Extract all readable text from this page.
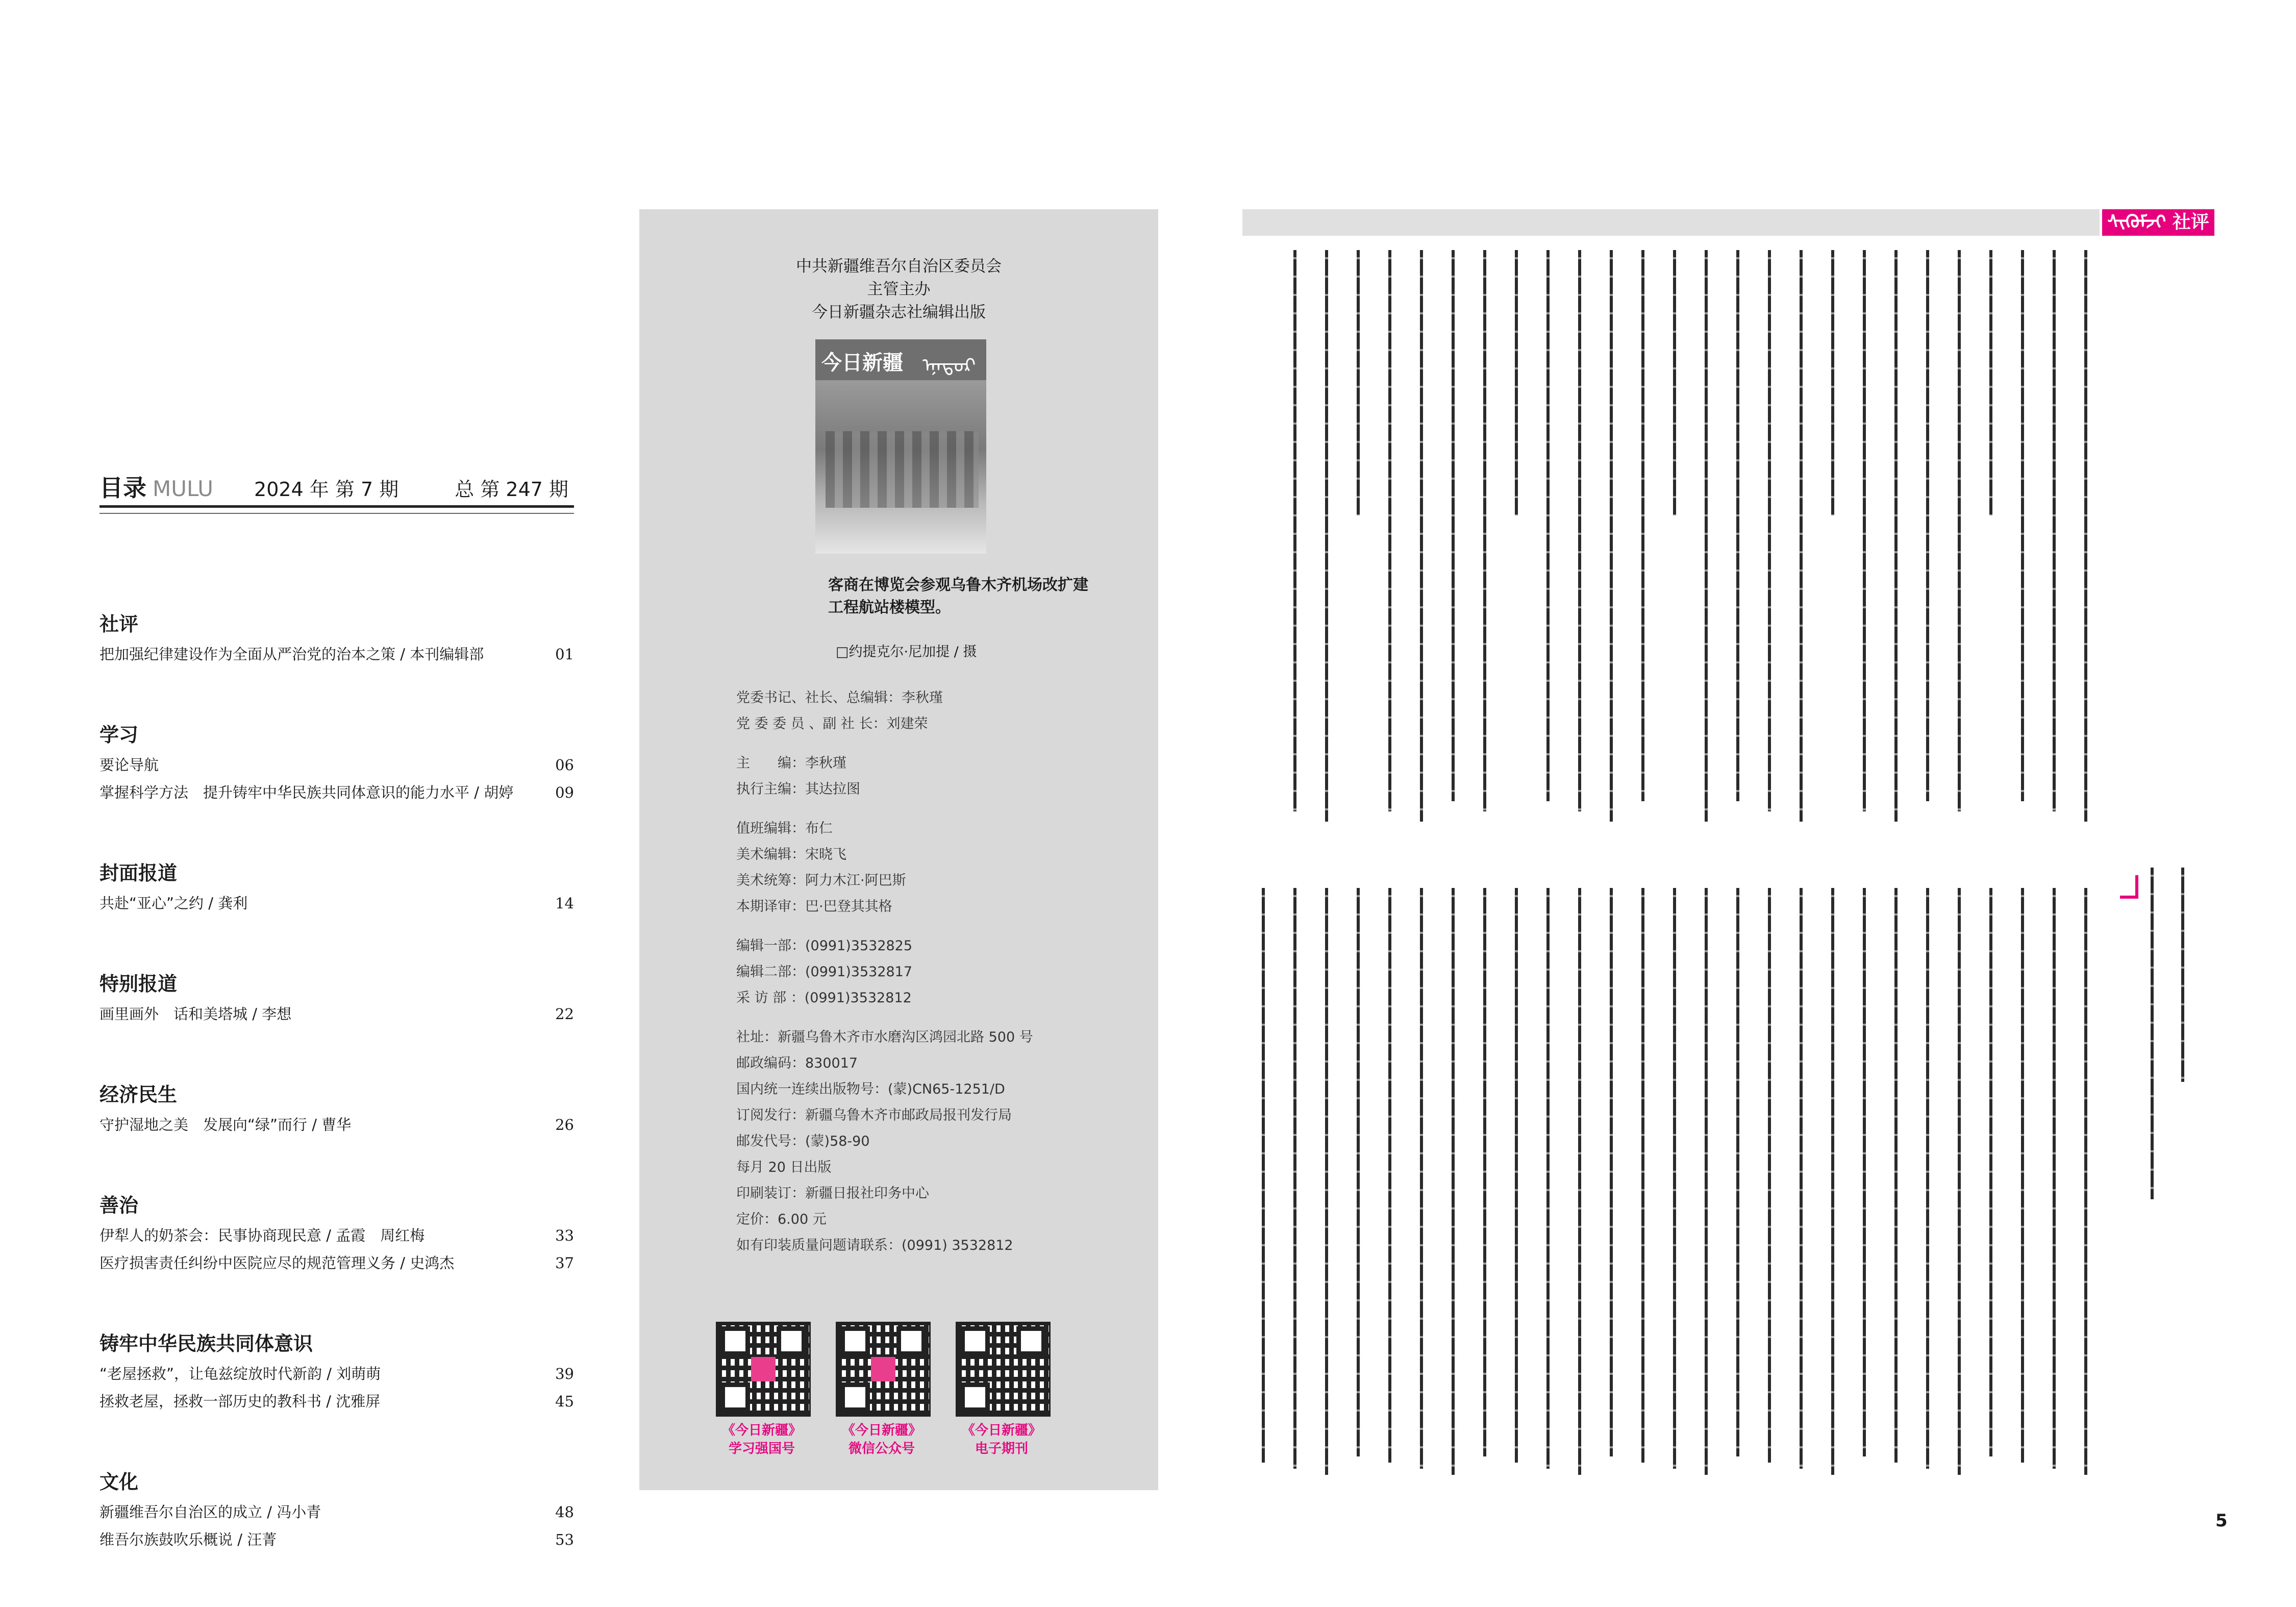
目录 MULU 2024 年 第 7 期	总 第 247 期
社评
把加强纪律建设作为全面从严治党的治本之策 / 本刊编辑部	01
学习
要论导航	06
掌握科学方法　提升铸牢中华民族共同体意识的能力水平 / 胡婷	09
封面报道
共赴“亚心”之约 / 龚利	14
特别报道
画里画外　话和美塔城 / 李想	22
经济民生
守护湿地之美　发展向“绿”而行 / 曹华	26
善治
伊犁人的奶茶会：民事协商现民意 / 孟霞　周红梅	33
医疗损害责任纠纷中医院应尽的规范管理义务 / 史鸿杰	37
铸牢中华民族共同体意识
“老屋拯救”，让龟兹绽放时代新韵 / 刘萌萌	39
拯救老屋，拯救一部历史的教科书 / 沈雅屏	45
文化
新疆维吾尔自治区的成立 / 冯小青	48
维吾尔族鼓吹乐概说 / 汪菁	53
中共新疆维吾尔自治区委员会
主管主办
今日新疆杂志社编辑出版
今日新疆 ᠡᠨᠡᠳᠦᠷ
客商在博览会参观乌鲁木齐机场改扩建工程航站楼模型。
□约提克尔·尼加提 / 摄
党委书记、社长、总编辑：李秋瑾
党 委 委 员 、副 社 长：刘建荣
主　　编：李秋瑾
执行主编：其达拉图
值班编辑：布仁
美术编辑：宋晓飞
美术统筹：阿力木江·阿巴斯
本期译审：巴·巴登其其格
编辑一部：(0991)3532825
编辑二部：(0991)3532817
采 访 部 ：(0991)3532812
社址：新疆乌鲁木齐市水磨沟区鸿园北路 500 号
邮政编码：830017
国内统一连续出版物号：(蒙)CN65-1251/D
订阅发行：新疆乌鲁木齐市邮政局报刊发行局
邮发代号：(蒙)58-90
每月 20 日出版
印刷装订：新疆日报社印务中心
定价：6.00 元
如有印装质量问题请联系：(0991) 3532812
《今日新疆》
学习强国号
《今日新疆》
微信公众号
《今日新疆》
电子期刊
ᠰᠢᠭᠦᠮᠵᠢ 社评
5
